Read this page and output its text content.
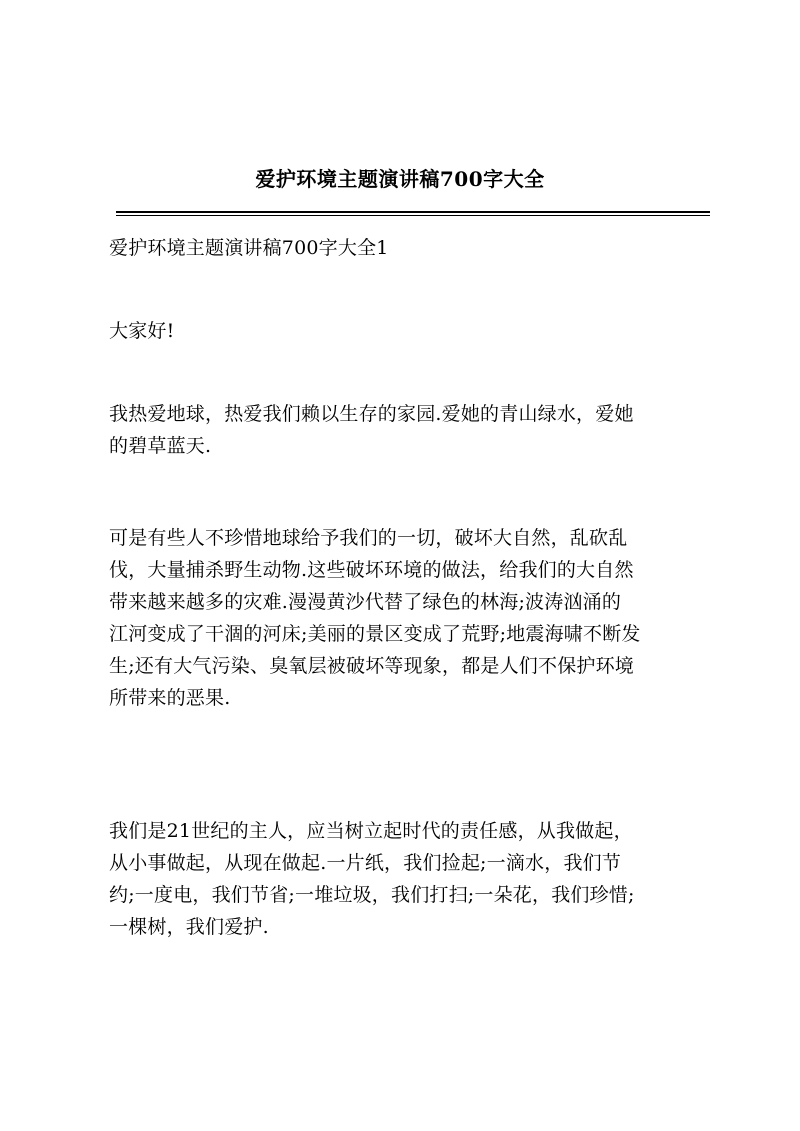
爱护环境主题演讲稿700字大全
爱护环境主题演讲稿700字大全1
大家好!
我热爱地球，热爱我们赖以生存的家园.爱她的青山绿水，爱她
的碧草蓝天.
可是有些人不珍惜地球给予我们的一切，破坏大自然，乱砍乱
伐，大量捕杀野生动物.这些破坏环境的做法，给我们的大自然
带来越来越多的灾难.漫漫黄沙代替了绿色的林海;波涛汹涌的
江河变成了干涸的河床;美丽的景区变成了荒野;地震海啸不断发
生;还有大气污染、臭氧层被破坏等现象，都是人们不保护环境
所带来的恶果.
我们是21世纪的主人，应当树立起时代的责任感，从我做起，
从小事做起，从现在做起.一片纸，我们捡起;一滴水，我们节
约;一度电，我们节省;一堆垃圾，我们打扫;一朵花，我们珍惜;
一棵树，我们爱护.
